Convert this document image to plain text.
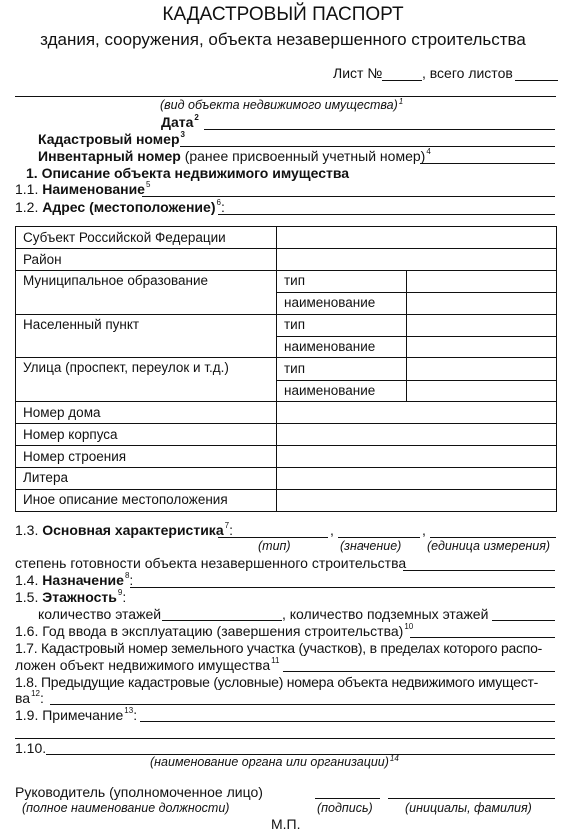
КАДАСТРОВЫЙ ПАСПОРТ
здания, сооружения, объекта незавершенного строительства
Лист №	, всего листов
(вид объекта недвижимого имущества)$^1$
Дата$^2$
Кадастровый номер$^3$
Инвентарный номер (ранее присвоенный учетный номер)$^4$
1. Описание объекта недвижимого имущества
1.1. Наименование$^5$
1.2. Адрес (местоположение)$^6$:
Субъект Российской Федерации		
Район		
Муниципальное образование	тип	
	наименование	
Населенный пункт	тип	
	наименование	
Улица (проспект, переулок и т.д.)	тип	
	наименование	
Номер дома		
Номер корпуса		
Номер строения		
Литера		
Иное описание местоположения		
1.3. Основная характеристика$^7$:	,	,
(тип)	(значение) (единица измерения)
степень готовности объекта незавершенного строительства
1.4. Назначение$^8$:
1.5. Этажность$^9$:
количество этажей	, количество подземных этажей
1.6. Год ввода в эксплуатацию (завершения строительства)$^{10}$
1.7. Кадастровый номер земельного участка (участков), в пределах которого распо-
ложен объект недвижимого имущества$^{11}$
1.8. Предыдущие кадастровые (условные) номера объекта недвижимого имущест-
$ва^{12}$:
1.9. Примечание$^{13}$:
1.10.
(наименование органа или организации)$^{14}$
Руководитель (уполномоченное лицо)
(полное наименование должности)	(подпись)	(инициалы, фамилия)
М.П.
